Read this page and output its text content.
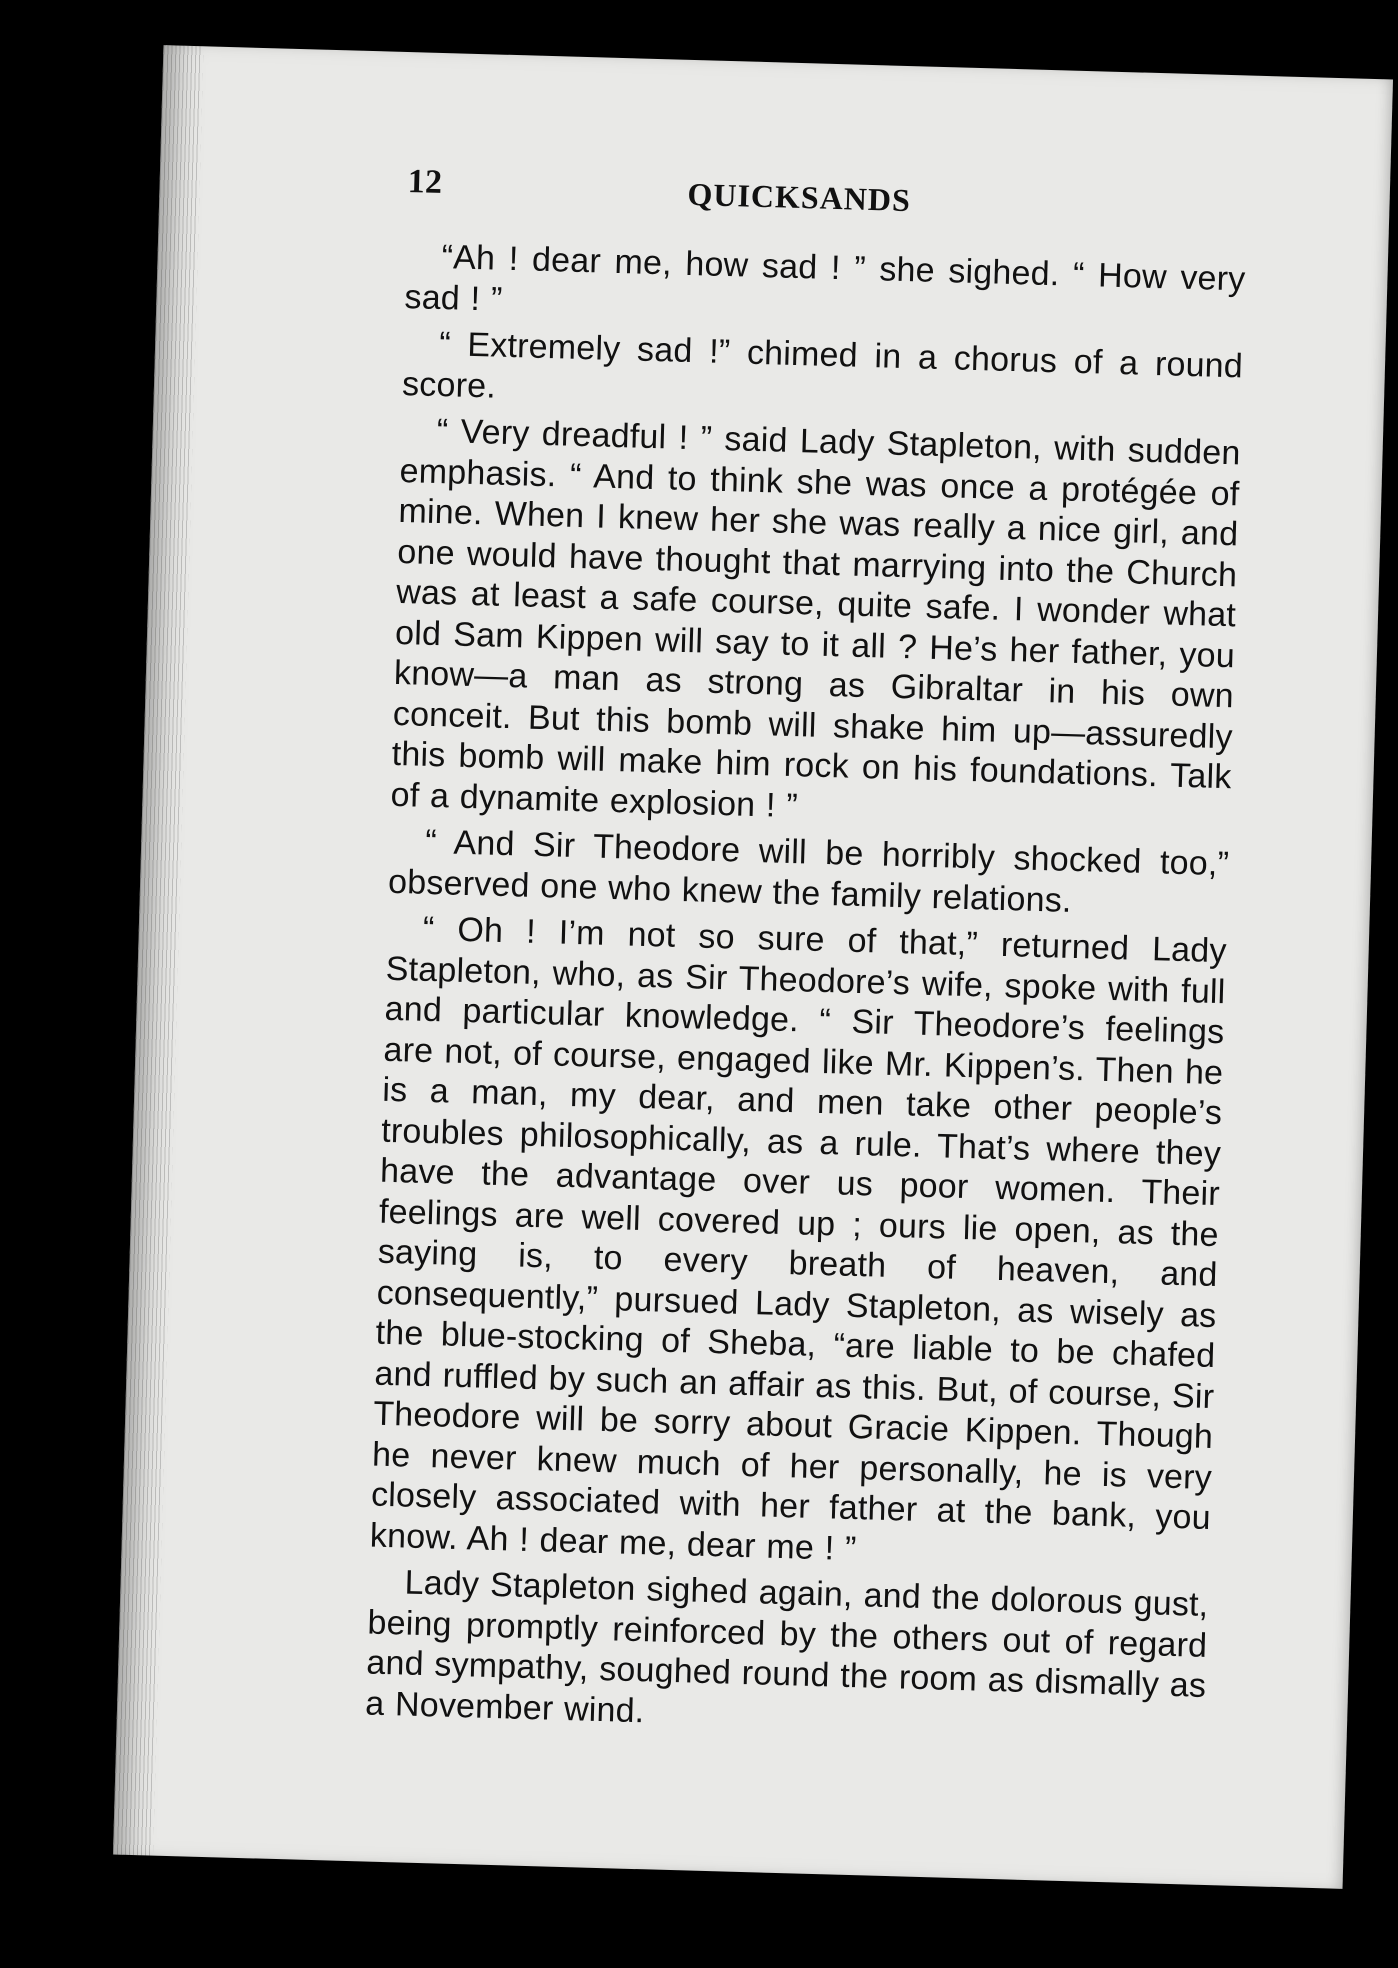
12	QUICKSANDS

“Ah ! dear me, how sad ! ” she sighed. “ How very sad ! ”

“ Extremely sad !” chimed in a chorus of a round score.

“ Very dreadful ! ” said Lady Stapleton, with sudden emphasis. “ And to think she was once a protégée of mine. When I knew her she was really a nice girl, and one would have thought that marrying into the Church was at least a safe course, quite safe. I wonder what old Sam Kippen will say to it all ? He’s her father, you know—a man as strong as Gibraltar in his own conceit. But this bomb will shake him up—assuredly this bomb will make him rock on his foundations. Talk of a dynamite explosion ! ”

“ And Sir Theodore will be horribly shocked too,” observed one who knew the family relations.

“ Oh ! I’m not so sure of that,” returned Lady Stapleton, who, as Sir Theodore’s wife, spoke with full and particular knowledge. “ Sir Theodore’s feelings are not, of course, engaged like Mr. Kippen’s. Then he is a man, my dear, and men take other people’s troubles philosophically, as a rule. That’s where they have the advantage over us poor women. Their feelings are well covered up ; ours lie open, as the saying is, to every breath of heaven, and consequently,” pursued Lady Stapleton, as wisely as the blue-stocking of Sheba, “are liable to be chafed and ruffled by such an affair as this. But, of course, Sir Theodore will be sorry about Gracie Kippen. Though he never knew much of her personally, he is very closely associated with her father at the bank, you know. Ah ! dear me, dear me ! ”

Lady Stapleton sighed again, and the dolorous gust, being promptly reinforced by the others out of regard and sympathy, soughed round the room as dismally as a November wind.
